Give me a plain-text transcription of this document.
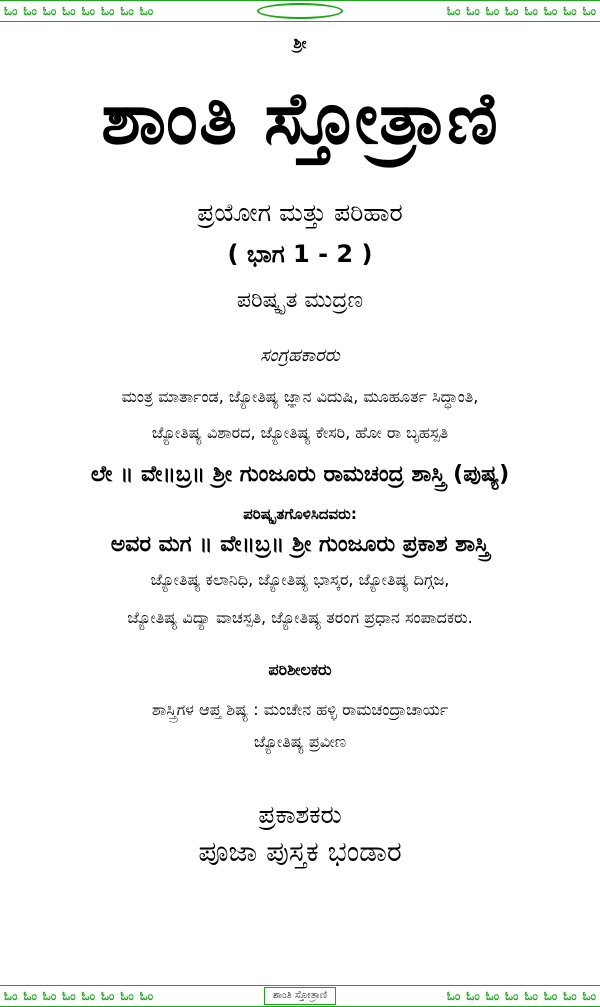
ಓಂ ಓಂ ಓಂ ಓಂ ಓಂ ಓಂ ಓಂ ಓಂ	ಓಂ ಓಂ ಓಂ ಓಂ ಓಂ ಓಂ ಓಂ ಓಂ
ಶ್ರೀ
ಶಾಂತಿ ಸ್ತೋತ್ರಾಣಿ
ಪ್ರಯೋಗ ಮತ್ತು ಪರಿಹಾರ
( ಭಾಗ 1 - 2 )
ಪರಿಷ್ಕೃತ ಮುದ್ರಣ
ಸಂಗ್ರಹಕಾರರು
ಮಂತ್ರ ಮಾರ್ತಾಂಡ, ಜ್ಯೋತಿಷ್ಯ ಜ್ಞಾನ ವಿದುಷಿ, ಮೂಹೂರ್ತ ಸಿದ್ಧಾಂತಿ,
ಜ್ಯೋತಿಷ್ಯ ವಿಶಾರದ, ಜ್ಯೋತಿಷ್ಯ ಕೇಸರಿ, ಹೋ ರಾ ಬೃಹಸ್ಪತಿ
ಲೇ ॥ ವೇ॥ಬ್ರ॥ ಶ್ರೀ ಗುಂಜೂರು ರಾಮಚಂದ್ರ ಶಾಸ್ತ್ರಿ (ಪುಷ್ಯ)
ಪರಿಷ್ಕೃತಗೊಳಿಸಿದವರು:
ಅವರ ಮಗ ॥ ವೇ॥ಬ್ರ॥ ಶ್ರೀ ಗುಂಜೂರು ಪ್ರಕಾಶ ಶಾಸ್ತ್ರಿ
ಜ್ಯೋತಿಷ್ಯ ಕಲಾನಿಧಿ, ಜ್ಯೋತಿಷ್ಯ ಭಾಸ್ಕರ, ಜ್ಯೋತಿಷ್ಯ ದಿಗ್ಗಜ,
ಜ್ಯೋತಿಷ್ಯ ವಿದ್ಯಾ ವಾಚಸ್ಪತಿ, ಜ್ಯೋತಿಷ್ಯ ತರಂಗ ಪ್ರಧಾನ ಸಂಪಾದಕರು.
ಪರಿಶೀಲಕರು
ಶಾಸ್ತ್ರಿಗಳ ಆಪ್ತ ಶಿಷ್ಯ : ಮಂಚೇನ ಹಳ್ಳಿ ರಾಮಚಂದ್ರಾಚಾರ್ಯ
ಜ್ಯೋತಿಷ್ಯ ಪ್ರವೀಣ
ಪ್ರಕಾಶಕರು
ಪೂಜಾ ಪುಸ್ತಕ ಭಂಡಾರ
ಓಂ ಓಂ ಓಂ ಓಂ ಓಂ ಓಂ ಓಂ ಓಂ	ಶಾಂತಿ ಸ್ತೋತ್ರಾಣಿ	ಓಂ ಓಂ ಓಂ ಓಂ ಓಂ ಓಂ ಓಂ ಓಂ
